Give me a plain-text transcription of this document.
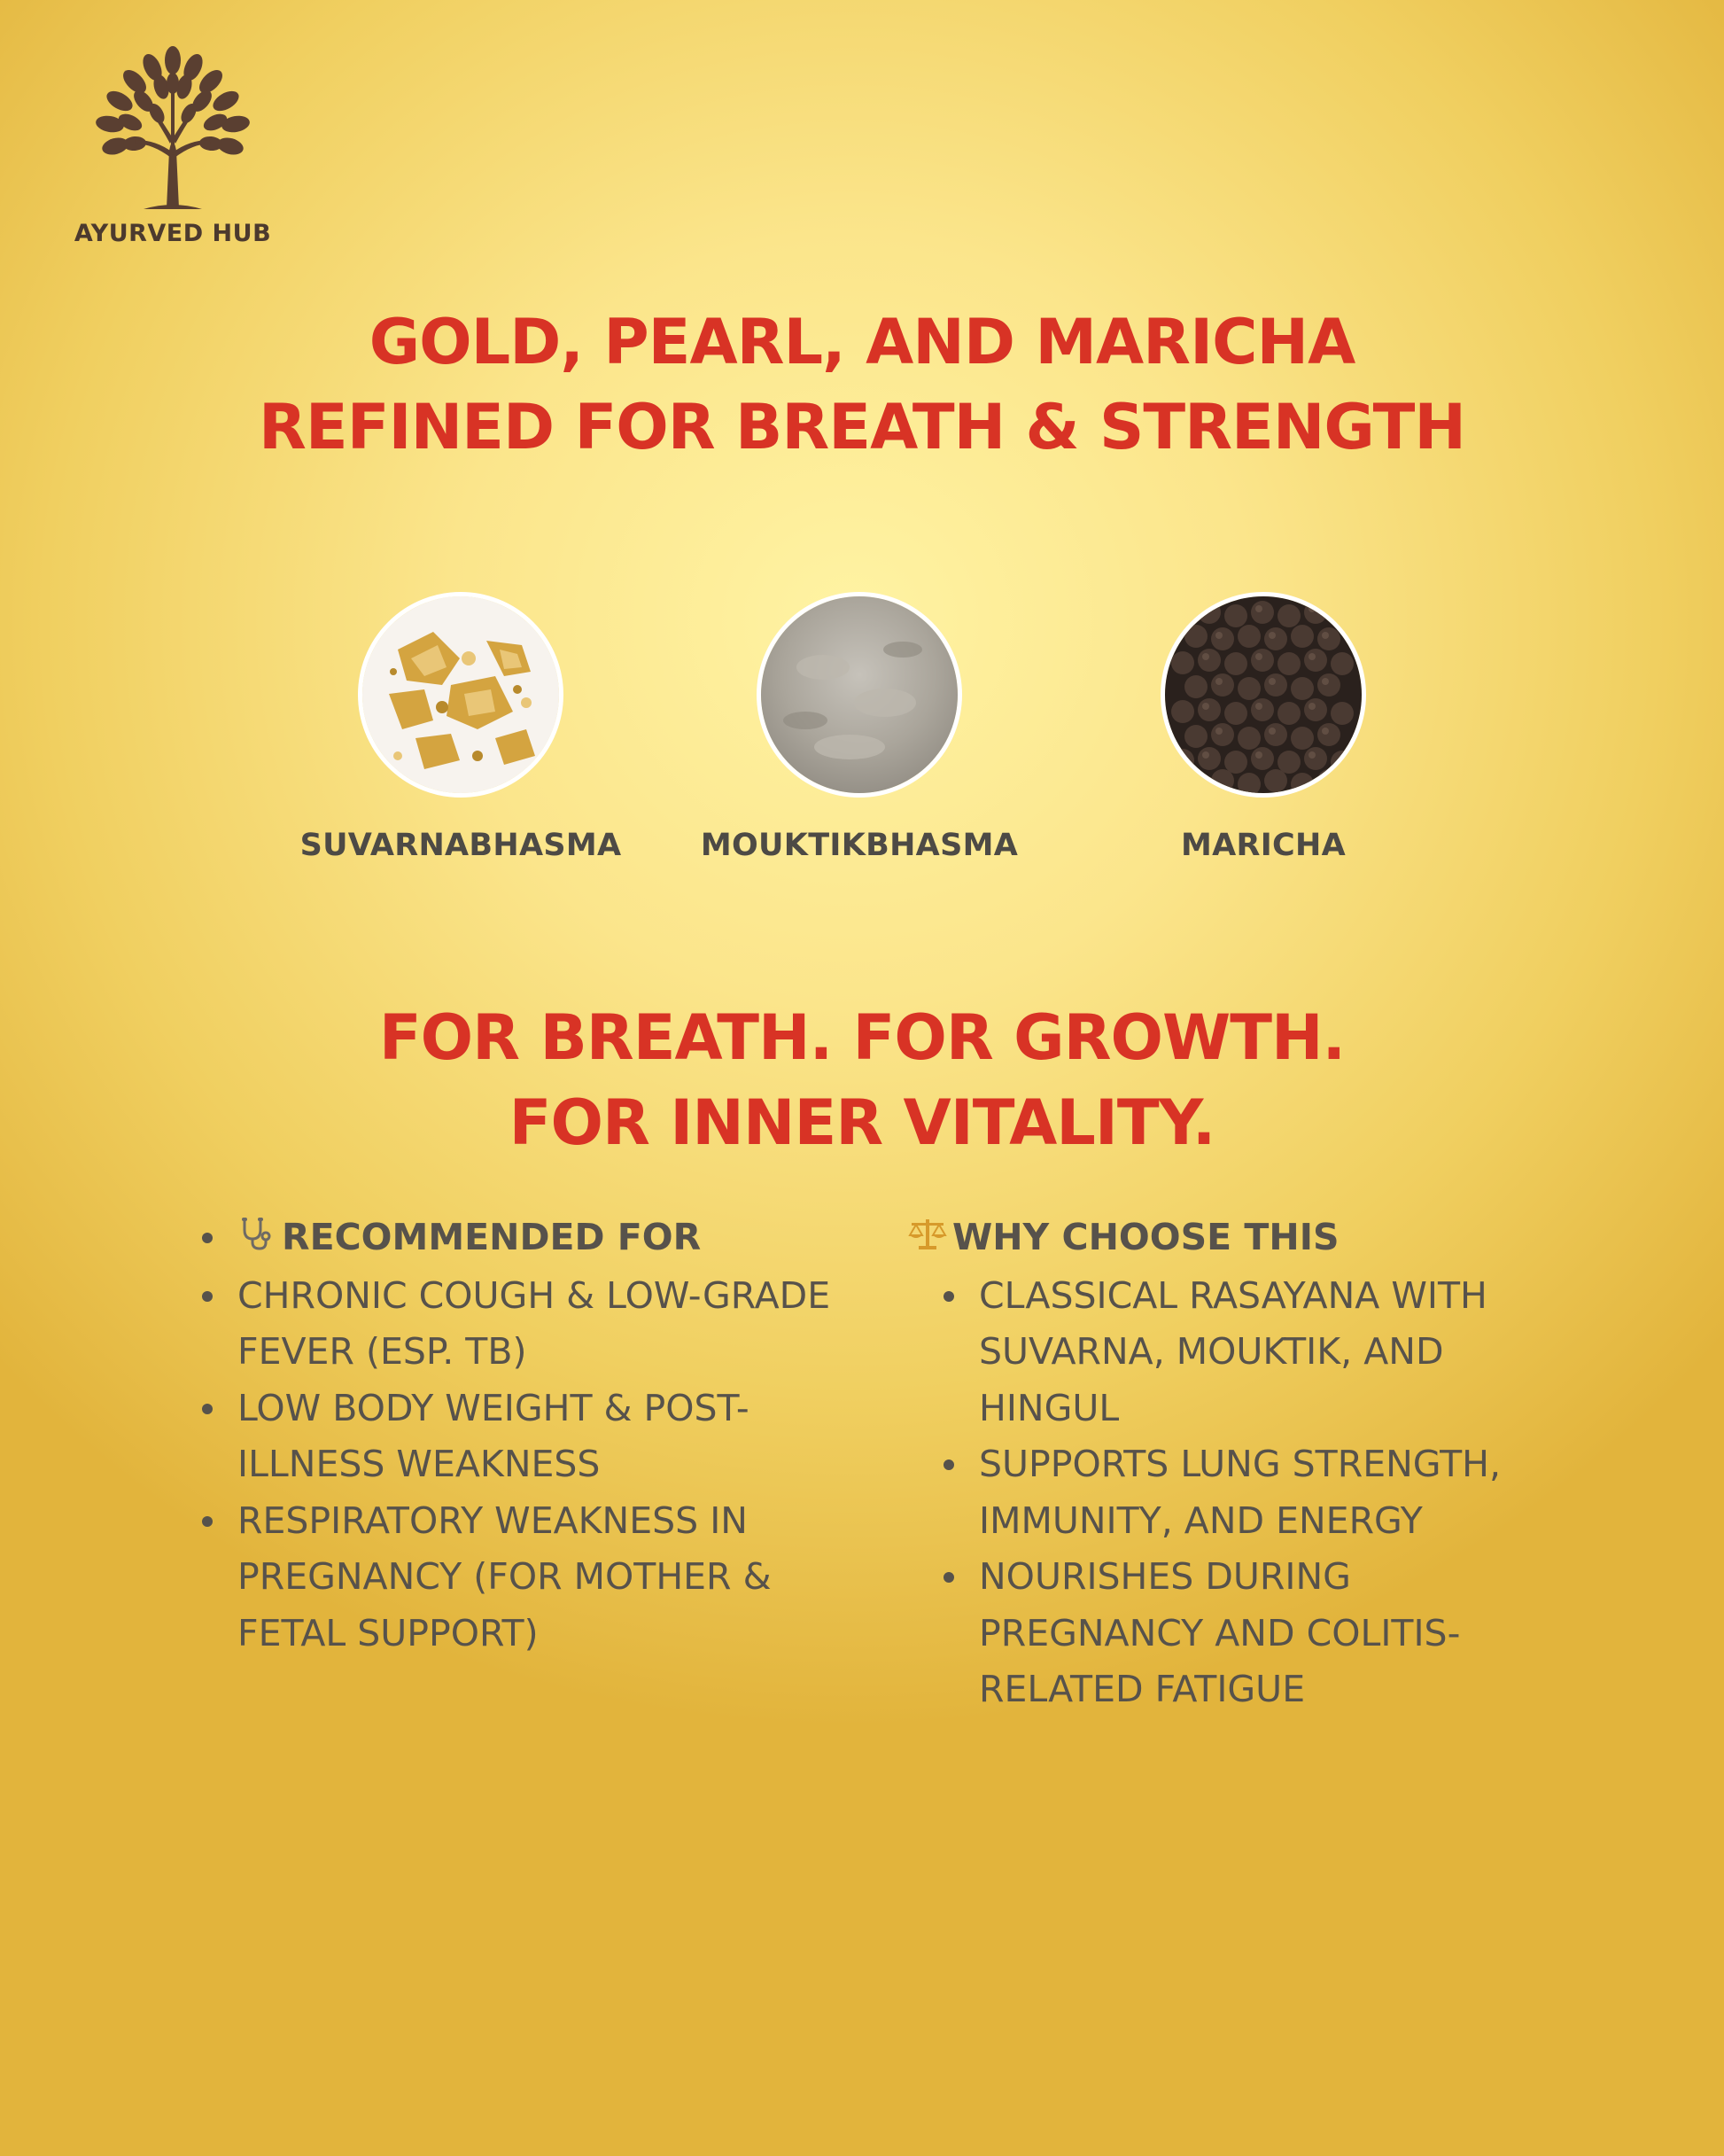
AYURVED HUB
GOLD, PEARL, AND MARICHA
REFINED FOR BREATH & STRENGTH
SUVARNABHASMA	MOUKTIKBHASMA	MARICHA
FOR BREATH. FOR GROWTH.
FOR INNER VITALITY.
RECOMMENDED FOR
CHRONIC COUGH & LOW-GRADE
FEVER (ESP. TB)
LOW BODY WEIGHT & POST-
ILLNESS WEAKNESS
RESPIRATORY WEAKNESS IN
PREGNANCY (FOR MOTHER &
FETAL SUPPORT)
WHY CHOOSE THIS
CLASSICAL RASAYANA WITH
SUVARNA, MOUKTIK, AND
HINGUL
SUPPORTS LUNG STRENGTH,
IMMUNITY, AND ENERGY
NOURISHES DURING
PREGNANCY AND COLITIS-
RELATED FATIGUE
